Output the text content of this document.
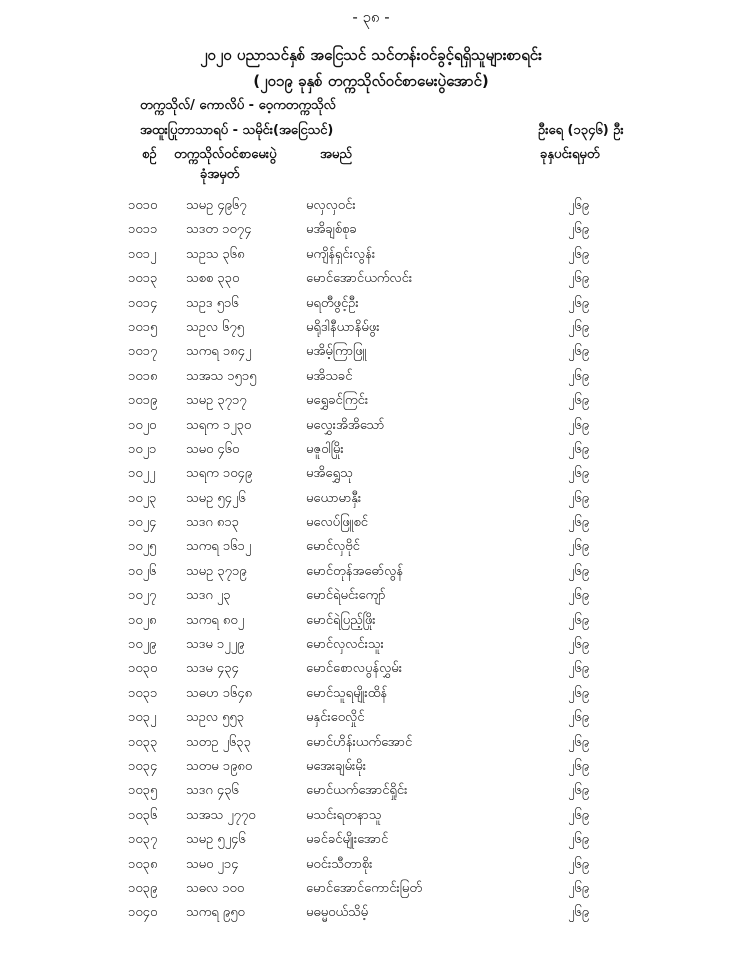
- ၃၈ -
၂၀၂၀ ပညာသင်နှစ် အငြေသင် သင်တန်းဝင်ခွင့်ရရှိသူများစာရင်း
(၂၀၁၉ ခုနှစ် တက္ကသိုလ်ဝင်စာမေးပွဲအောင်)
တက္ကသိုလ်/ ကောလိပ် - ဝေ့ကတက္ကသိုလ်
အထူးပြုဘာသာရပ် - သမိုင်း(အငြေသင်)	ဦးရေ (၁၃၄၆) ဦး
စဉ် တက္ကသိုလ်ဝင်စာမေးပွဲ
ခုံအမှတ်
အမည်	ခုနှပင်းရမှတ်
၁၀၁၀ သမဥ ၄၉၆၇	မလှလှဝင်း	၂၆၉
၁၀၁၁ သဒတ ၁၀၇၄	မအိချစ်စုခ	၂၆၉
၁၀၁၂ သဥသ ၃၆၈	မကျိန်ရှင်းလွန်း	၂၆၉
၁၀၁၃ သစစ ၃၃၀	မောင်အောင်ယက်လင်း	၂၆၉
၁၀၁၄ သဥဒ ၅၁၆	မရတီဖွင့်ဦး	၂၆၉
၁၀၁၅ သဥလ ၆၇၅	မရိုဒါနီယာနိမ်ဖွး	၂၆၉
၁၀၁၇ သကရ ၁၈၄၂	မအိမ့်ကြာဖြူ	၂၆၉
၁၀၁၈ သအသ ၁၅၁၅	မအိသခင်	၂၆၉
၁၀၁၉ သမဥ ၃၇၁၇	မရွှေခင်ကြင်း	၂၆၉
၁၀၂၀ သရက ၁၂၃၀	မလွှေးအိအိသော်	၂၆၉
၁၀၂၁ သမဝ ၄၆၀	မဇူဝါမြိုး	၂၆၉
၁၀၂၂ သရက ၁၀၄၉	မအိရွှေသု	၂၆၉
၁၀၂၃ သမဥ ၅၄၂၆	မယောမာနှီး	၂၆၉
၁၀၂၄ သဒဂ ၈၁၃	မလေပ်ဖြူစင်	၂၆၉
၁၀၂၅ သကရ ၁၆၁၂	မောင်လှဗိုင်	၂၆၉
၁၀၂၆ သမဥ ၃၇၁၉	မောင်တုန်အဓော်လွန်	၂၆၉
၁၀၂၇ သဒဂ ၂၃	မောင်ရဲမင်းကျော်	၂၆၉
၁၀၂၈ သကရ ၈၀၂	မောင်ရဲပြည့်ဖြိုး	၂၆၉
၁၀၂၉ သဒမ ၁၂၂၉	မောင်လှလင်းသူး	၂၆၉
၁၀၃၀ သဒမ ၄၃၄	မောင်စောလပွန်လွှမ်း	၂၆၉
၁၀၃၁ သဓဟ ၁၆၄၈	မောင်သူရမျိုးထိန်	၂၆၉
၁၀၃၂ သဥလ ၅၅၃	မနှင်းဝေလှိုင်	၂၆၉
၁၀၃၃ သတဥ ၂၆၃၃	မောင်ဟိန်းယက်အောင်	၂၆၉
၁၀၃၄ သတမ ၁၉၈၀	မအေးချမ်းမိုး	၂၆၉
၁၀၃၅ သဒဂ ၄၃၆	မောင်ယက်အောင်ရှိုင်း	၂၆၉
၁၀၃၆ သအသ ၂၇၇၀	မသင်းရတနာသူ	၂၆၉
၁၀၃၇ သမဥ ၅၂၄၆	မခင်ခင်မျိုးအောင်	၂၆၉
၁၀၃၈ သမဝ ၂၁၄	မဝင်းသီတာစိုး	၂၆၉
၁၀၃၉ သဓလ ၁၀၀	မောင်အောင်ကောင်းမြတ်	၂၆၉
၁၀၄၀ သကရ ၉၅၀	မဓမ္မဝယ်သိမ့်	၂၆၉
